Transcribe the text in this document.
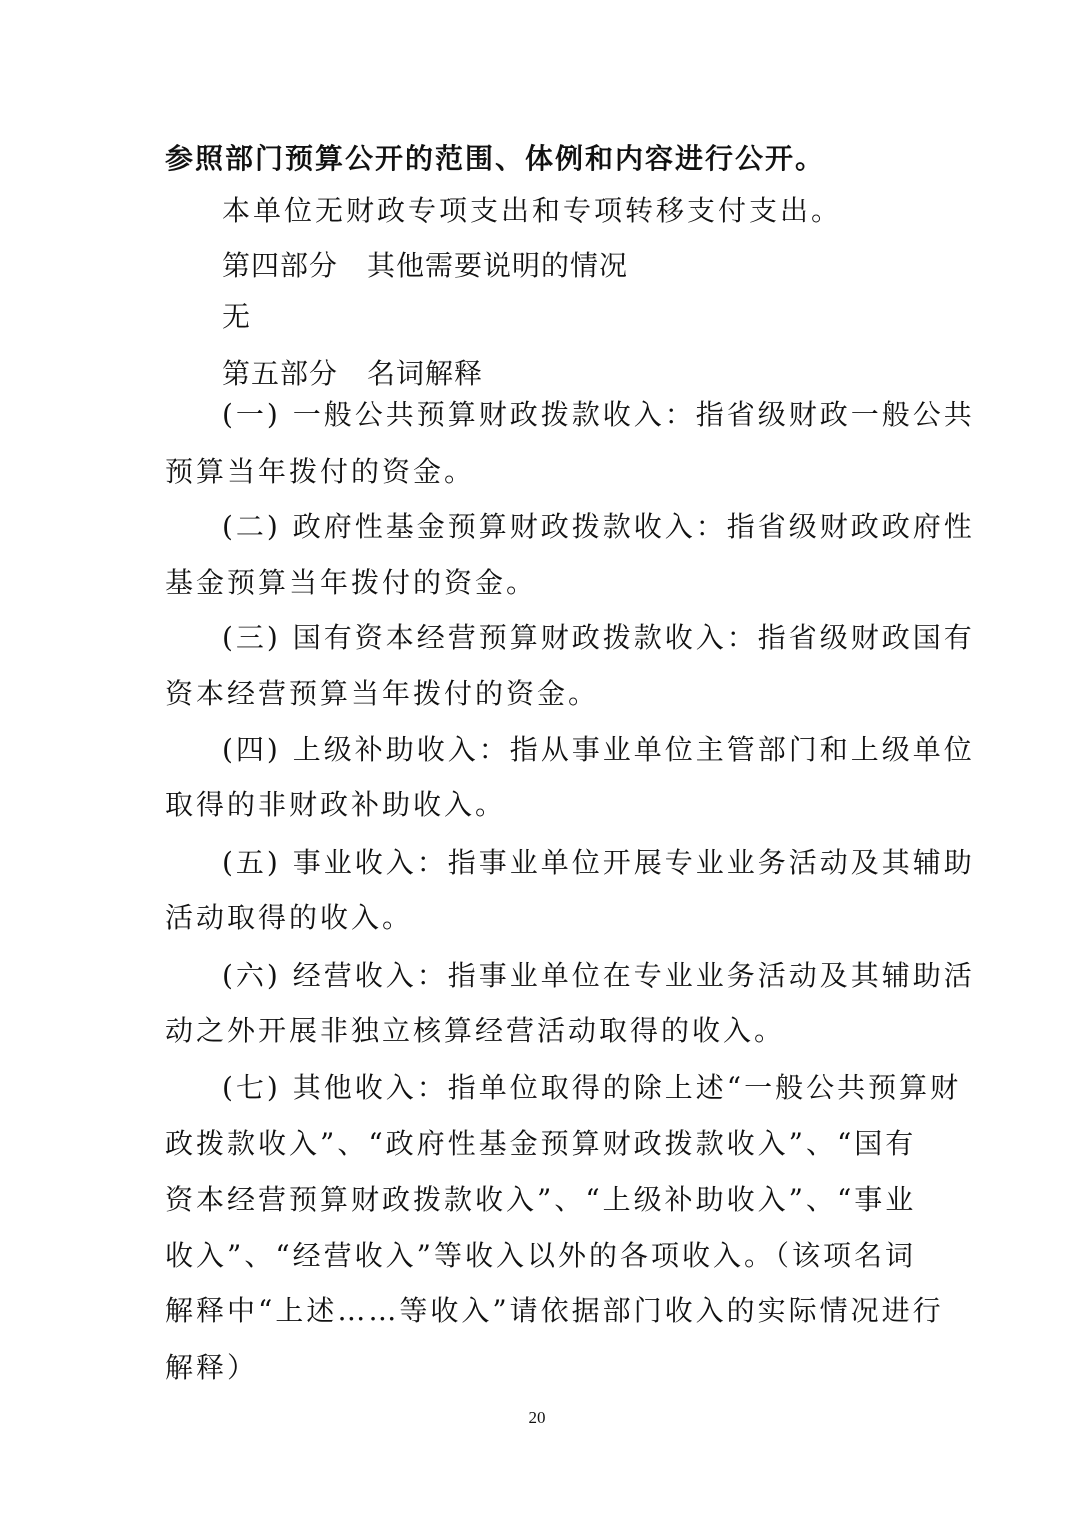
参照部门预算公开的范围、体例和内容进行公开。
本单位无财政专项支出和专项转移支付支出。
第四部分　其他需要说明的情况
无
第五部分　名词解释
(一) 一般公共预算财政拨款收入：指省级财政一般公共
预算当年拨付的资金。
(二) 政府性基金预算财政拨款收入：指省级财政政府性
基金预算当年拨付的资金。
(三) 国有资本经营预算财政拨款收入：指省级财政国有
资本经营预算当年拨付的资金。
(四) 上级补助收入：指从事业单位主管部门和上级单位
取得的非财政补助收入。
(五) 事业收入：指事业单位开展专业业务活动及其辅助
活动取得的收入。
(六) 经营收入：指事业单位在专业业务活动及其辅助活
动之外开展非独立核算经营活动取得的收入。
(七) 其他收入：指单位取得的除上述“一般公共预算财
政拨款收入”、“政府性基金预算财政拨款收入”、“国有
资本经营预算财政拨款收入”、“上级补助收入”、“事业
收入”、“经营收入”等收入以外的各项收入。（该项名词
解释中“上述……等收入”请依据部门收入的实际情况进行
解释）
20
